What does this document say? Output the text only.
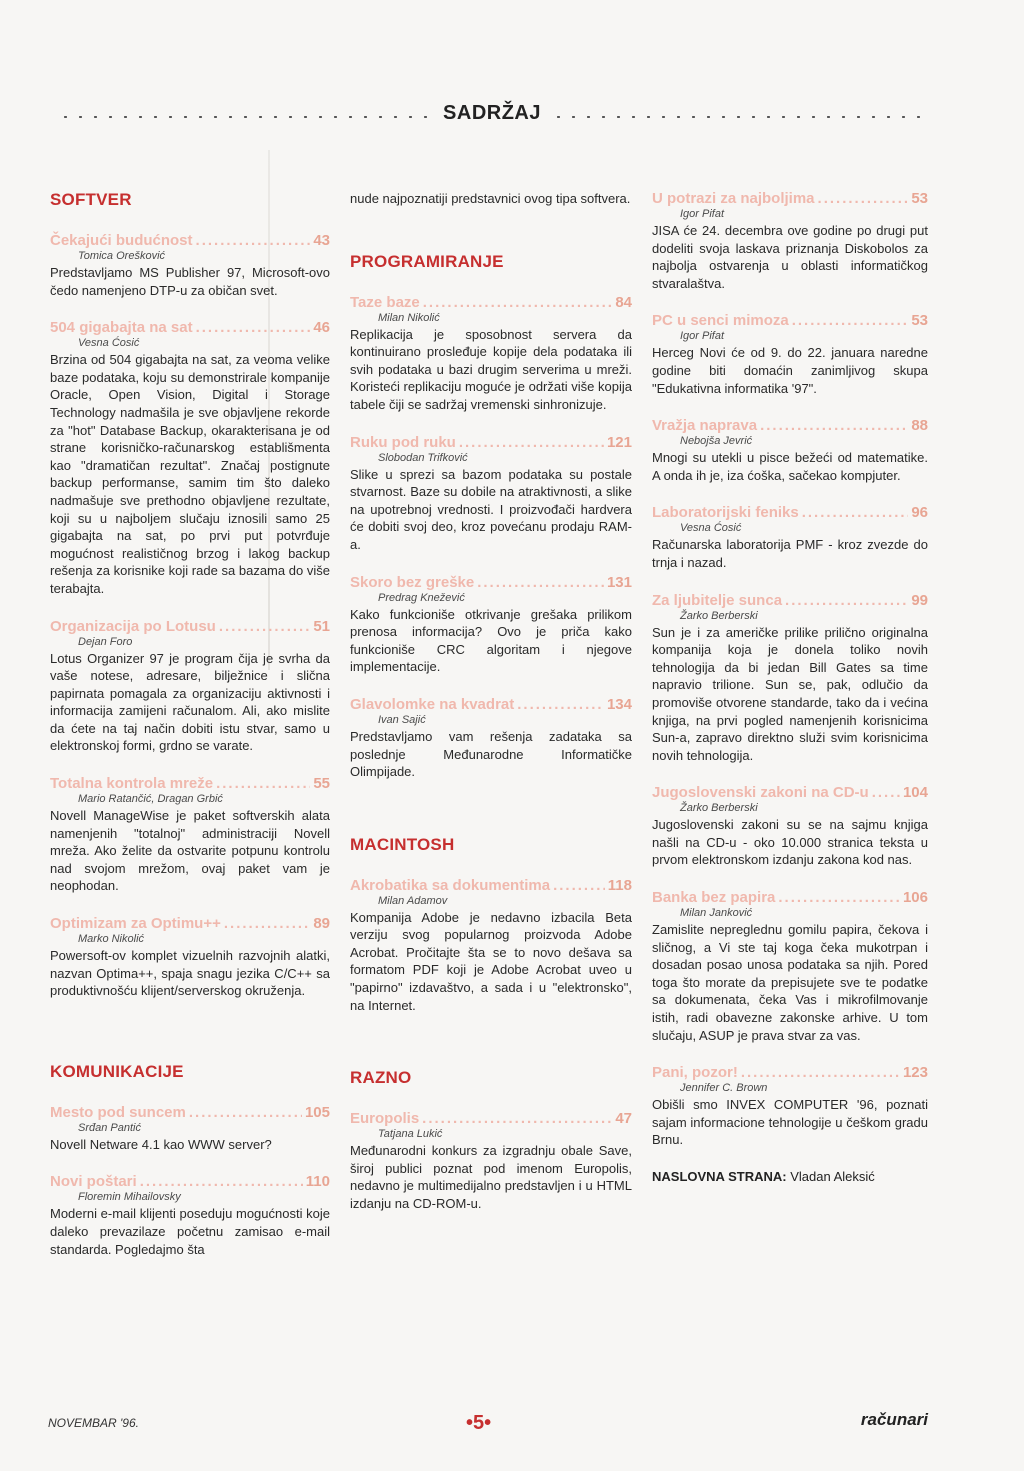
SADRŽAJ
SOFTVER
Čekajući budućnost .....	43
Tomica Orešković
Predstavljamo MS Publisher 97, Microsoft-ovo čedo namenjeno DTP-u za običan svet.
504 gigabajta na sat .....	46
Vesna Ćosić
Brzina od 504 gigabajta na sat, za veoma velike baze podataka, koju su demonstrirale kompanije Oracle, Open Vision, Digital i Storage Technology nadmašila je sve objavljene rekorde za "hot" Database Backup, okarakterisana je od strane korisničko-računarskog establišmenta kao "dramatičan rezultat". Značaj postignute backup performanse, samim tim što daleko nadmašuje sve prethodno objavljene rezultate, koji su u najboljem slučaju iznosili samo 25 gigabajta na sat, po prvi put potvrđuje mogućnost realističnog brzog i lakog backup rešenja za korisnike koji rade sa bazama do više terabajta.
Organizacija po Lotusu .....	51
Dejan Foro
Lotus Organizer 97 je program čija je svrha da vaše notese, adresare, bilježnice i slična papirnata pomagala za organizaciju aktivnosti i informacija zamijeni računalom. Ali, ako mislite da ćete na taj način dobiti istu stvar, samo u elektronskoj formi, grdno se varate.
Totalna kontrola mreže .....	55
Mario Ratančić, Dragan Grbić
Novell ManageWise je paket softverskih alata namenjenih "totalnoj" administraciji Novell mreža. Ako želite da ostvarite potpunu kontrolu nad svojom mrežom, ovaj paket vam je neophodan.
Optimizam za Optimu++ .....	89
Marko Nikolić
Powersoft-ov komplet vizuelnih razvojnih alatki, nazvan Optima++, spaja snagu jezika C/C++ sa produktivnošću klijent/serverskog okruženja.
KOMUNIKACIJE
Mesto pod suncem .....	105
Srđan Pantić
Novell Netware 4.1 kao WWW server?
Novi poštari .....	110
Floremin Mihailovsky
Moderni e-mail klijenti poseduju mogućnosti koje daleko prevazilaze početnu zamisao e-mail standarda. Pogledajmo šta
nude najpoznatiji predstavnici ovog tipa softvera.
PROGRAMIRANJE
Taze baze .....	84
Milan Nikolić
Replikacija je sposobnost servera da kontinuirano prosleđuje kopije dela podataka ili svih podataka u bazi drugim serverima u mreži. Koristeći replikaciju moguće je održati više kopija tabele čiji se sadržaj vremenski sinhronizuje.
Ruku pod ruku .....	121
Slobodan Trifković
Slike u sprezi sa bazom podataka su postale stvarnost. Baze su dobile na atraktivnosti, a slike na upotrebnoj vrednosti. I proizvođači hardvera će dobiti svoj deo, kroz povećanu prodaju RAM-a.
Skoro bez greške .....	131
Predrag Knežević
Kako funkcioniše otkrivanje grešaka prilikom prenosa informacija? Ovo je priča kako funkcioniše CRC algoritam i njegove implementacije.
Glavolomke na kvadrat .....	134
Ivan Sajić
Predstavljamo vam rešenja zadataka sa poslednje Međunarodne Informatičke Olimpijade.
MACINTOSH
Akrobatika sa dokumentima .....	118
Milan Adamov
Kompanija Adobe je nedavno izbacila Beta verziju svog popularnog proizvoda Adobe Acrobat. Pročitajte šta se to novo dešava sa formatom PDF koji je Adobe Acrobat uveo u "papirno" izdavaštvo, a sada i u "elektronsko", na Internet.
RAZNO
Europolis .....	47
Tatjana Lukić
Međunarodni konkurs za izgradnju obale Save, široj publici poznat pod imenom Europolis, nedavno je multimedijalno predstavljen i u HTML izdanju na CD-ROM-u.
U potrazi za najboljima .....	53
Igor Pifat
JISA će 24. decembra ove godine po drugi put dodeliti svoja laskava priznanja Diskobolos za najbolja ostvarenja u oblasti informatičkog stvaralaštva.
PC u senci mimoza .....	53
Igor Pifat
Herceg Novi će od 9. do 22. januara naredne godine biti domaćin zanimljivog skupa "Edukativna informatika '97".
Vražja naprava .....	88
Nebojša Jevrić
Mnogi su utekli u pisce bežeći od matematike. A onda ih je, iza ćoška, sačekao kompjuter.
Laboratorijski feniks .....	96
Vesna Ćosić
Računarska laboratorija PMF - kroz zvezde do trnja i nazad.
Za ljubitelje sunca .....	99
Žarko Berberski
Sun je i za američke prilike prilično originalna kompanija koja je donela toliko novih tehnologija da bi jedan Bill Gates sa time napravio trilione. Sun se, pak, odlučio da promoviše otvorene standarde, tako da i većina knjiga, na prvi pogled namenjenih korisnicima Sun-a, zapravo direktno služi svim korisnicima novih tehnologija.
Jugoslovenski zakoni na CD-u ..... 104
Žarko Berberski
Jugoslovenski zakoni su se na sajmu knjiga našli na CD-u - oko 10.000 stranica teksta u prvom elektronskom izdanju zakona kod nas.
Banka bez papira .....	106
Milan Janković
Zamislite nepreglednu gomilu papira, čekova i sličnog, a Vi ste taj koga čeka mukotrpan i dosadan posao unosa podataka sa njih. Pored toga što morate da prepisujete sve te podatke sa dokumenata, čeka Vas i mikrofilmovanje istih, radi obavezne zakonske arhive. U tom slučaju, ASUP je prava stvar za vas.
Pani, pozor! .....	123
Jennifer C. Brown
Obišli smo INVEX COMPUTER '96, poznati sajam informacione tehnologije u češkom gradu Brnu.
NASLOVNA STRANA: Vladan Aleksić
NOVEMBAR '96.	•5•	računari
